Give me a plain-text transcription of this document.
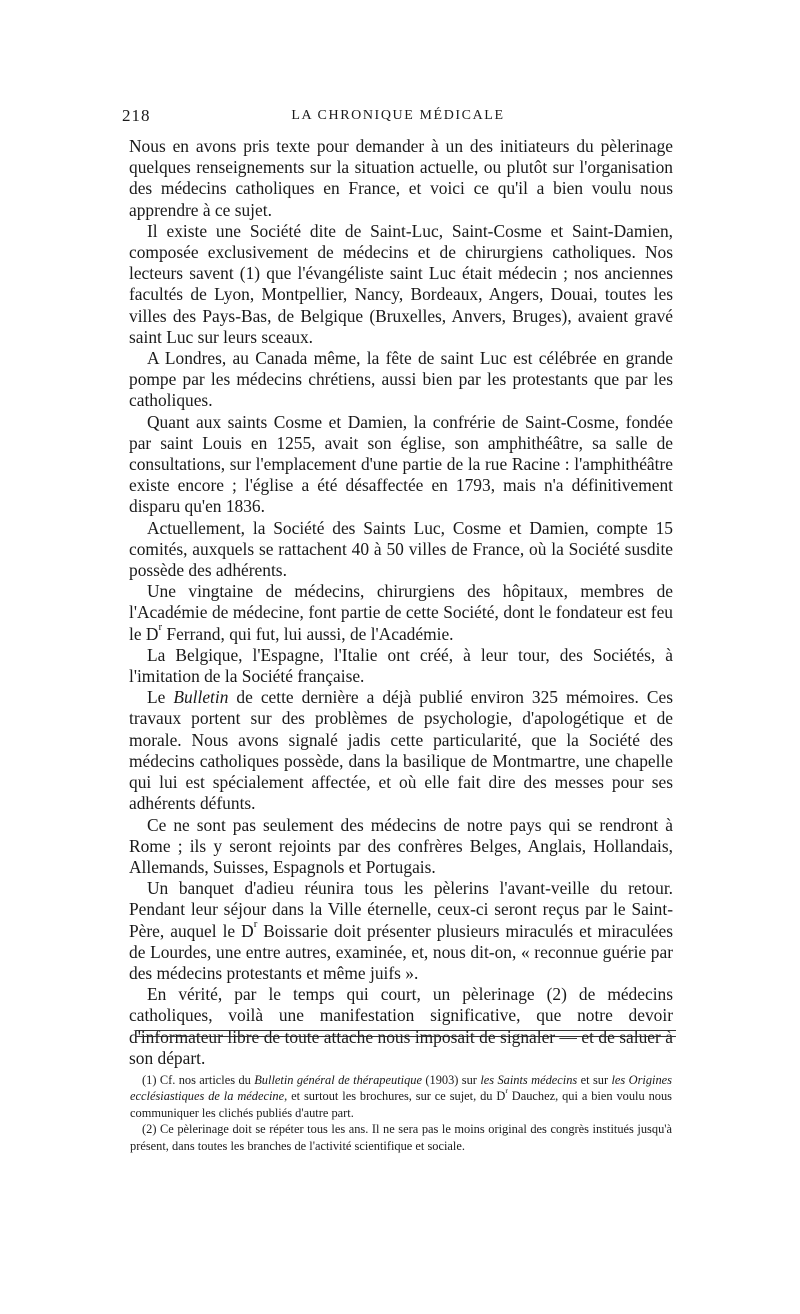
218	LA CHRONIQUE MÉDICALE

Nous en avons pris texte pour demander à un des initiateurs du pèlerinage quelques renseignements sur la situation actuelle, ou plutôt sur l'organisation des médecins catholiques en France, et voici ce qu'il a bien voulu nous apprendre à ce sujet.

Il existe une Société dite de Saint-Luc, Saint-Cosme et Saint-Damien, composée exclusivement de médecins et de chirurgiens catholiques. Nos lecteurs savent (1) que l'évangéliste saint Luc était médecin ; nos anciennes facultés de Lyon, Montpellier, Nancy, Bordeaux, Angers, Douai, toutes les villes des Pays-Bas, de Belgique (Bruxelles, Anvers, Bruges), avaient gravé saint Luc sur leurs sceaux.

A Londres, au Canada même, la fête de saint Luc est célébrée en grande pompe par les médecins chrétiens, aussi bien par les protestants que par les catholiques.

Quant aux saints Cosme et Damien, la confrérie de Saint-Cosme, fondée par saint Louis en 1255, avait son église, son amphithéâtre, sa salle de consultations, sur l'emplacement d'une partie de la rue Racine : l'amphithéâtre existe encore ; l'église a été désaffectée en 1793, mais n'a définitivement disparu qu'en 1836.

Actuellement, la Société des Saints Luc, Cosme et Damien, compte 15 comités, auxquels se rattachent 40 à 50 villes de France, où la Société susdite possède des adhérents.

Une vingtaine de médecins, chirurgiens des hôpitaux, membres de l'Académie de médecine, font partie de cette Société, dont le fondateur est feu le $D^r$ Ferrand, qui fut, lui aussi, de l'Académie.

La Belgique, l'Espagne, l'Italie ont créé, à leur tour, des Sociétés, à l'imitation de la Société française.

Le Bulletin de cette dernière a déjà publié environ 325 mémoires. Ces travaux portent sur des problèmes de psychologie, d'apologétique et de morale. Nous avons signalé jadis cette particularité, que la Société des médecins catholiques possède, dans la basilique de Montmartre, une chapelle qui lui est spécialement affectée, et où elle fait dire des messes pour ses adhérents défunts.

Ce ne sont pas seulement des médecins de notre pays qui se rendront à Rome ; ils y seront rejoints par des confrères Belges, Anglais, Hollandais, Allemands, Suisses, Espagnols et Portugais.

Un banquet d'adieu réunira tous les pèlerins l'avant-veille du retour. Pendant leur séjour dans la Ville éternelle, ceux-ci seront reçus par le Saint-Père, auquel le $D^r$ Boissarie doit présenter plusieurs miraculés et miraculées de Lourdes, une entre autres, examinée, et, nous dit-on, « reconnue guérie par des médecins protestants et même juifs ».

En vérité, par le temps qui court, un pèlerinage (2) de médecins catholiques, voilà une manifestation significative, que notre devoir d'informateur libre de toute attache nous imposait de signaler — et de saluer à son départ.

(1) Cf. nos articles du Bulletin général de thérapeutique (1903) sur les Saints médecins et sur les Origines ecclésiastiques de la médecine, et surtout les brochures, sur ce sujet, du $D^r$ Dauchez, qui a bien voulu nous communiquer les clichés publiés d'autre part.

(2) Ce pèlerinage doit se répéter tous les ans. Il ne sera pas le moins original des congrès institués jusqu'à présent, dans toutes les branches de l'activité scientifique et sociale.
